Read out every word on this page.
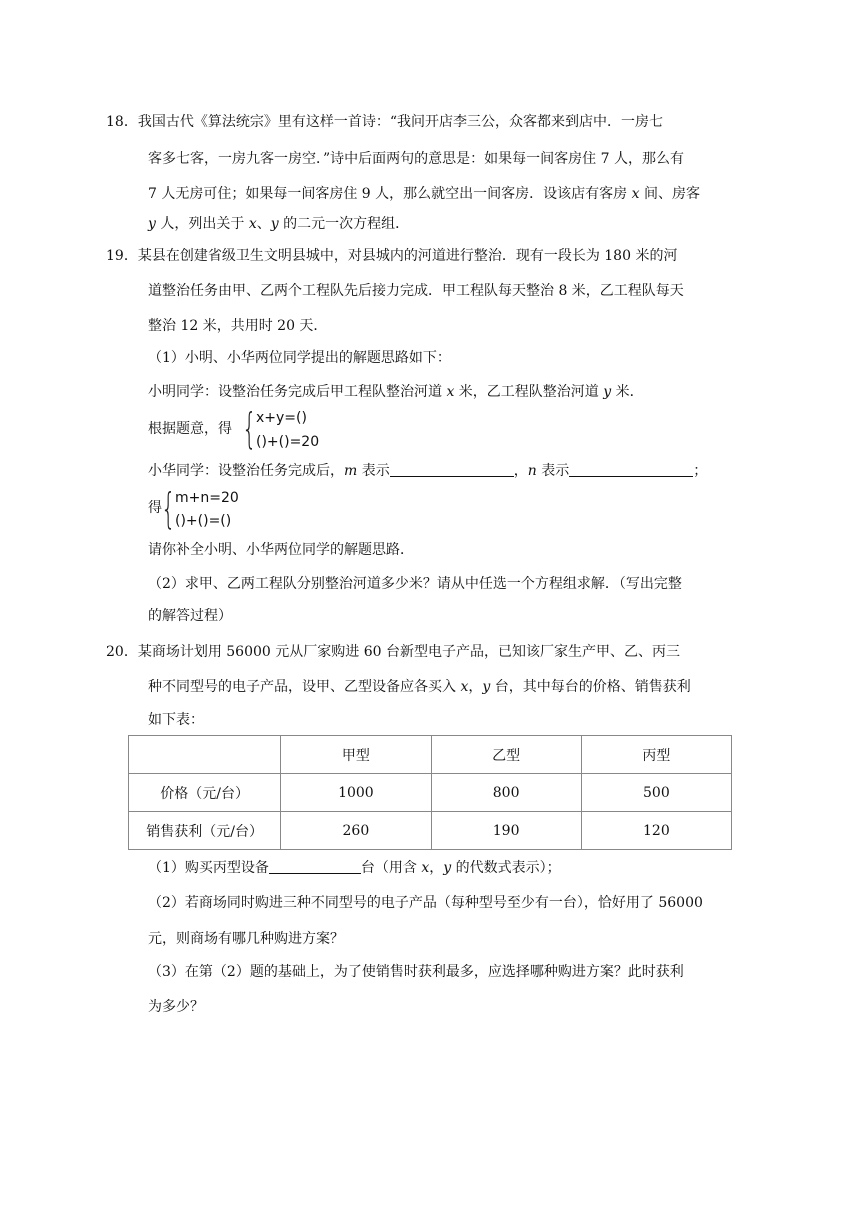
18．我国古代《算法统宗》里有这样一首诗：“我问开店李三公，众客都来到店中．一房七
客多七客，一房九客一房空．”诗中后面两句的意思是：如果每一间客房住 7 人，那么有
7 人无房可住；如果每一间客房住 9 人，那么就空出一间客房．设该店有客房 x 间、房客
y 人，列出关于 x、y 的二元一次方程组．
19．某县在创建省级卫生文明县城中，对县城内的河道进行整治．现有一段长为 180 米的河
道整治任务由甲、乙两个工程队先后接力完成．甲工程队每天整治 8 米，乙工程队每天
整治 12 米，共用时 20 天．
（1）小明、小华两位同学提出的解题思路如下：
小明同学：设整治任务完成后甲工程队整治河道 x 米，乙工程队整治河道 y 米．
根据题意，得 { x+y=()
()+()=20
小华同学：设整治任务完成后，m 表示	，n 表示	；
得 { m+n=20
()+()=()
请你补全小明、小华两位同学的解题思路．
（2）求甲、乙两工程队分别整治河道多少米？请从中任选一个方程组求解．（写出完整
的解答过程）
20．某商场计划用 56000 元从厂家购进 60 台新型电子产品，已知该厂家生产甲、乙、丙三
种不同型号的电子产品，设甲、乙型设备应各买入 x，y 台，其中每台的价格、销售获利
如下表：
	甲型	乙型	丙型
价格（元/台）	1000	800	500
销售获利（元/台）	260	190	120
（1）购买丙型设备	台（用含 x，y 的代数式表示）；
（2）若商场同时购进三种不同型号的电子产品（每种型号至少有一台），恰好用了 56000
元，则商场有哪几种购进方案？
（3）在第（2）题的基础上，为了使销售时获利最多，应选择哪种购进方案？此时获利
为多少？
